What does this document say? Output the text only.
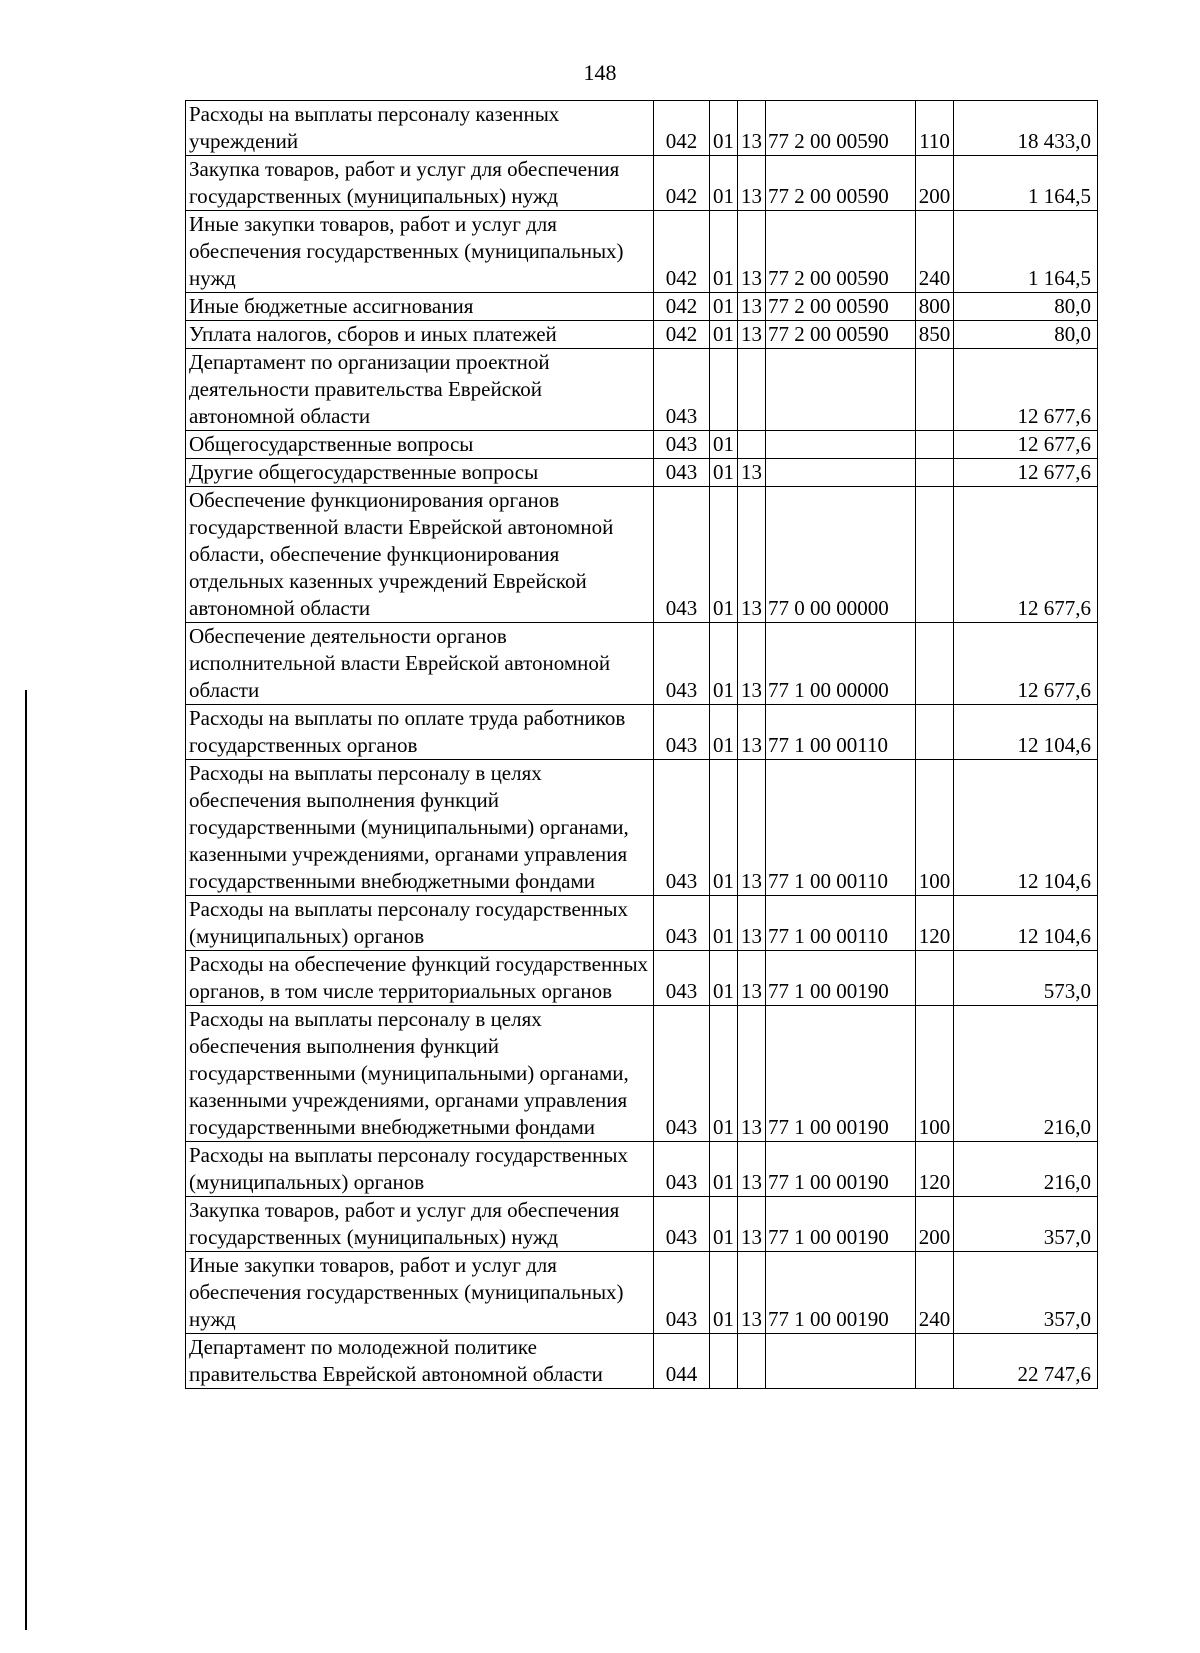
148
Расходы на выплаты персоналу казенных учреждений	042	01	13	77 2 00 00590	110	18 433,0
Закупка товаров, работ и услуг для обеспечения государственных (муниципальных) нужд	042	01	13	77 2 00 00590	200	1 164,5
Иные закупки товаров, работ и услуг для обеспечения государственных (муниципальных) нужд	042	01	13	77 2 00 00590	240	1 164,5
Иные бюджетные ассигнования	042	01	13	77 2 00 00590	800	80,0
Уплата налогов, сборов и иных платежей	042	01	13	77 2 00 00590	850	80,0
Департамент по организации проектной деятельности правительства Еврейской автономной области	043					12 677,6
Общегосударственные вопросы	043	01				12 677,6
Другие общегосударственные вопросы	043	01	13			12 677,6
Обеспечение функционирования органов государственной власти Еврейской автономной области, обеспечение функционирования отдельных казенных учреждений Еврейской автономной области	043	01	13	77 0 00 00000		12 677,6
Обеспечение деятельности органов исполнительной власти Еврейской автономной области	043	01	13	77 1 00 00000		12 677,6
Расходы на выплаты по оплате труда работников государственных органов	043	01	13	77 1 00 00110		12 104,6
Расходы на выплаты персоналу в целях обеспечения выполнения функций государственными (муниципальными) органами, казенными учреждениями, органами управления государственными внебюджетными фондами	043	01	13	77 1 00 00110	100	12 104,6
Расходы на выплаты персоналу государственных (муниципальных) органов	043	01	13	77 1 00 00110	120	12 104,6
Расходы на обеспечение функций государственных органов, в том числе территориальных органов	043	01	13	77 1 00 00190		573,0
Расходы на выплаты персоналу в целях обеспечения выполнения функций государственными (муниципальными) органами, казенными учреждениями, органами управления государственными внебюджетными фондами	043	01	13	77 1 00 00190	100	216,0
Расходы на выплаты персоналу государственных (муниципальных) органов	043	01	13	77 1 00 00190	120	216,0
Закупка товаров, работ и услуг для обеспечения государственных (муниципальных) нужд	043	01	13	77 1 00 00190	200	357,0
Иные закупки товаров, работ и услуг для обеспечения государственных (муниципальных) нужд	043	01	13	77 1 00 00190	240	357,0
Департамент по молодежной политике правительства Еврейской автономной области	044					22 747,6
